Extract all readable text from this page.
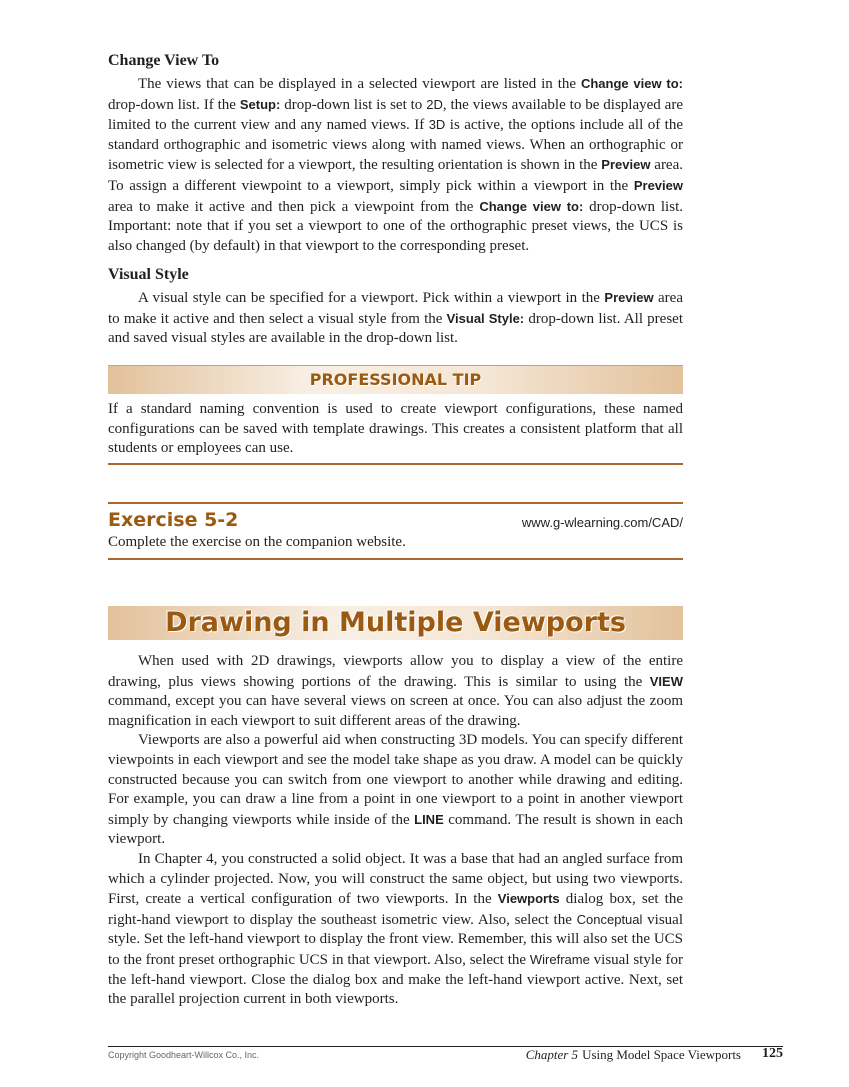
Change View To

The views that can be displayed in a selected viewport are listed in the Change view to: drop-down list. If the Setup: drop-down list is set to 2D, the views available to be displayed are limited to the current view and any named views. If 3D is active, the options include all of the standard orthographic and isometric views along with named views. When an orthographic or isometric view is selected for a viewport, the resulting orientation is shown in the Preview area. To assign a different viewpoint to a viewport, simply pick within a viewport in the Preview area to make it active and then pick a viewpoint from the Change view to: drop-down list. Important: note that if you set a viewport to one of the orthographic preset views, the UCS is also changed (by default) in that viewport to the corresponding preset.

Visual Style

A visual style can be specified for a viewport. Pick within a viewport in the Preview area to make it active and then select a visual style from the Visual Style: drop-down list. All preset and saved visual styles are available in the drop-down list.

PROFESSIONAL TIP

If a standard naming convention is used to create viewport configurations, these named configurations can be saved with template drawings. This creates a consistent platform that all students or employees can use.

Exercise 5-2	www.g-wlearning.com/CAD/

Complete the exercise on the companion website.

Drawing in Multiple Viewports

When used with 2D drawings, viewports allow you to display a view of the entire drawing, plus views showing portions of the drawing. This is similar to using the VIEW command, except you can have several views on screen at once. You can also adjust the zoom magnification in each viewport to suit different areas of the drawing.

Viewports are also a powerful aid when constructing 3D models. You can specify different viewpoints in each viewport and see the model take shape as you draw. A model can be quickly constructed because you can switch from one viewport to another while drawing and editing. For example, you can draw a line from a point in one viewport to a point in another viewport simply by changing viewports while inside of the LINE command. The result is shown in each viewport.

In Chapter 4, you constructed a solid object. It was a base that had an angled surface from which a cylinder projected. Now, you will construct the same object, but using two viewports. First, create a vertical configuration of two viewports. In the Viewports dialog box, set the right-hand viewport to display the southeast isometric view. Also, select the Conceptual visual style. Set the left-hand viewport to display the front view. Remember, this will also set the UCS to the front preset orthographic UCS in that viewport. Also, select the Wireframe visual style for the left-hand viewport. Close the dialog box and make the left-hand viewport active. Next, set the parallel projection current in both viewports.

Copyright Goodheart-Willcox Co., Inc.	Chapter 5 Using Model Space Viewports 125
